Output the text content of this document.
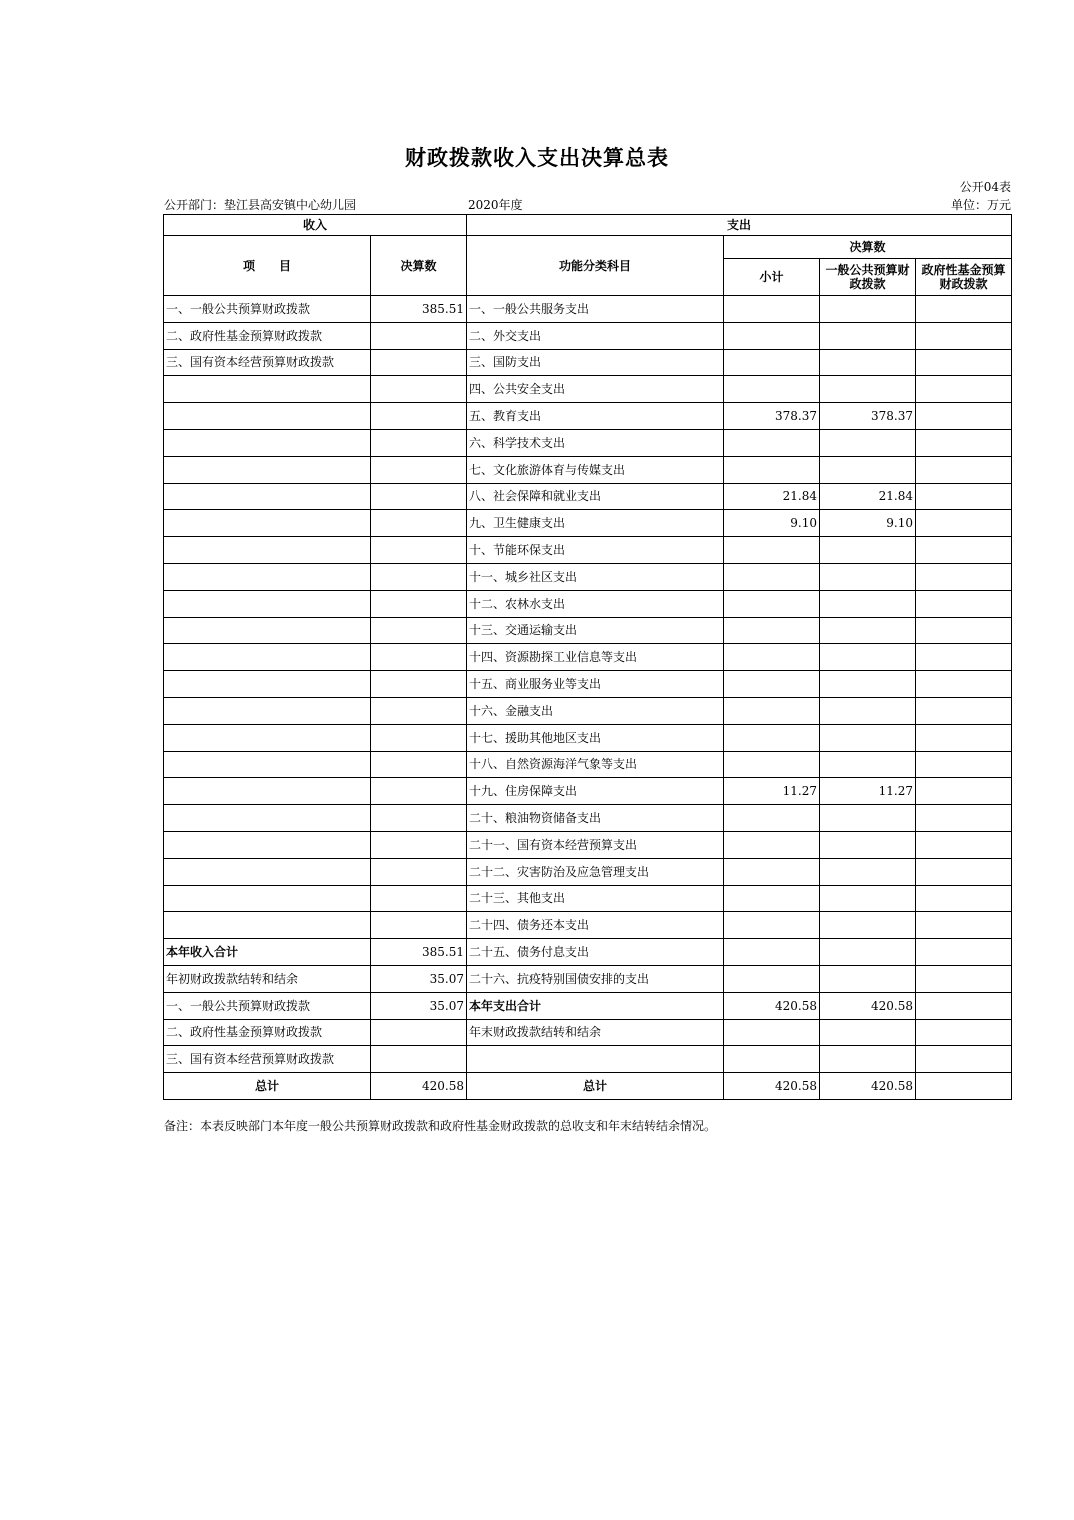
财政拨款收入支出决算总表
公开04表
公开部门：垫江县高安镇中心幼儿园	2020年度	单位：万元
收入		支出			
项　　目	决算数	功能分类科目	决算数		
			小计	一般公共预算财政拨款	政府性基金预算财政拨款
一、一般公共预算财政拨款	385.51	一、一般公共服务支出			
二、政府性基金预算财政拨款		二、外交支出			
三、国有资本经营预算财政拨款		三、国防支出			
		四、公共安全支出			
		五、教育支出	378.37	378.37	
		六、科学技术支出			
		七、文化旅游体育与传媒支出			
		八、社会保障和就业支出	21.84	21.84	
		九、卫生健康支出	9.10	9.10	
		十、节能环保支出			
		十一、城乡社区支出			
		十二、农林水支出			
		十三、交通运输支出			
		十四、资源勘探工业信息等支出			
		十五、商业服务业等支出			
		十六、金融支出			
		十七、援助其他地区支出			
		十八、自然资源海洋气象等支出			
		十九、住房保障支出	11.27	11.27	
		二十、粮油物资储备支出			
		二十一、国有资本经营预算支出			
		二十二、灾害防治及应急管理支出			
		二十三、其他支出			
		二十四、债务还本支出			
本年收入合计	385.51	二十五、债务付息支出			
年初财政拨款结转和结余	35.07	二十六、抗疫特别国债安排的支出			
一、一般公共预算财政拨款	35.07	本年支出合计	420.58	420.58	
二、政府性基金预算财政拨款		年末财政拨款结转和结余			
三、国有资本经营预算财政拨款					
总计	420.58	总计	420.58	420.58	
备注：本表反映部门本年度一般公共预算财政拨款和政府性基金财政拨款的总收支和年末结转结余情况。
